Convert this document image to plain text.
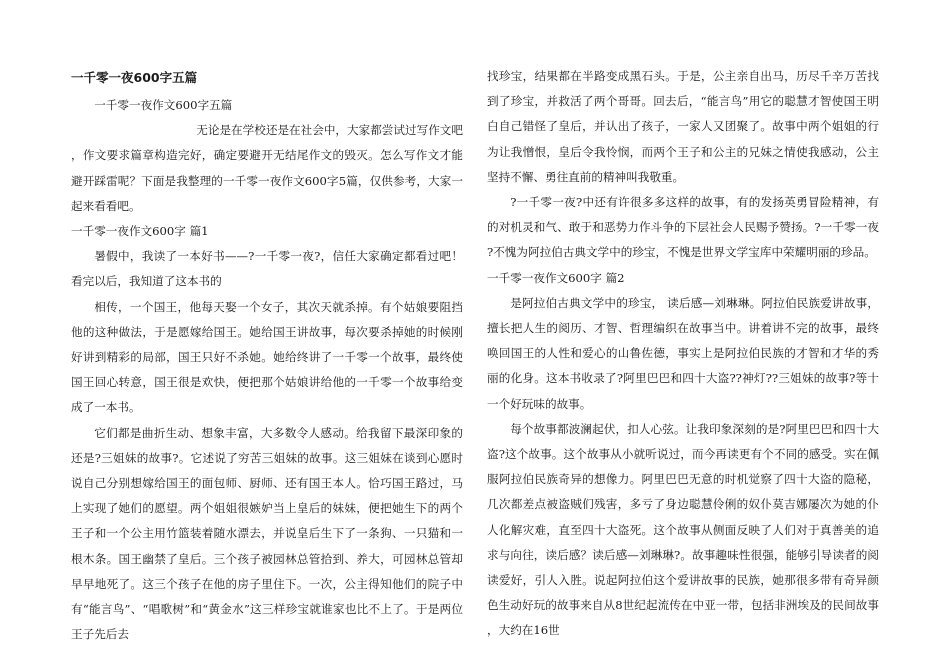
一千零一夜600字五篇

一千零一夜作文600字五篇

无论是在学校还是在社会中，大家都尝试过写作文吧，作文要求篇章构造完好，确定要避开无结尾作文的毁灭。怎么写作文才能避开踩雷呢？下面是我整理的一千零一夜作文600字5篇，仅供参考，大家一起来看看吧。

一千零一夜作文600字 篇1

暑假中，我读了一本好书——?一千零一夜?，信任大家确定都看过吧！看完以后，我知道了这本书的

相传，一个国王，他每天娶一个女子，其次天就杀掉。有个姑娘要阻挡他的这种做法，于是愿嫁给国王。她给国王讲故事，每次要杀掉她的时候刚好讲到精彩的局部，国王只好不杀她。她给终讲了一千零一个故事，最终使国王回心转意，国王很是欢快，便把那个姑娘讲给他的一千零一个故事给变成了一本书。

它们都是曲折生动、想象丰富，大多数令人感动。给我留下最深印象的还是?三姐妹的故事?。它述说了穷苦三姐妹的故事。这三姐妹在谈到心愿时说自己分别想嫁给国王的面包师、厨师、还有国王本人。恰巧国王路过，马上实现了她们的愿望。两个姐姐很嫉妒当上皇后的妹妹，便把她生下的两个王子和一个公主用竹篮装着随水漂去，并说皇后生下了一条狗、一只猫和一根木条。国王幽禁了皇后。三个孩子被园林总管拾到、养大，可园林总管却早早地死了。这三个孩子在他的房子里住下。一次，公主得知他们的院子中有“能言鸟”、“唱歌树”和“黄金水”这三样珍宝就谁家也比不上了。于是两位王子先后去

找珍宝，结果都在半路变成黑石头。于是，公主亲自出马，历尽千辛万苦找到了珍宝，并救活了两个哥哥。回去后，“能言鸟”用它的聪慧才智使国王明白自己错怪了皇后，并认出了孩子，一家人又团聚了。故事中两个姐姐的行为让我憎恨，皇后令我怜悯，而两个王子和公主的兄妹之情使我感动，公主坚持不懈、勇往直前的精神叫我敬重。

?一千零一夜?中还有许很多多这样的故事，有的发扬英勇冒险精神，有的对机灵和气、敢于和恶势力作斗争的下层社会人民赐予赞扬。?一千零一夜?不愧为阿拉伯古典文学中的珍宝，不愧是世界文学宝库中荣耀明丽的珍品。

一千零一夜作文600字 篇2

是阿拉伯古典文学中的珍宝， 读后感—刘琳琳。阿拉伯民族爱讲故事，擅长把人生的阅历、才智、哲理编织在故事当中。讲着讲不完的故事，最终唤回国王的人性和爱心的山鲁佐德，事实上是阿拉伯民族的才智和才华的秀丽的化身。这本书收录了?阿里巴巴和四十大盗??神灯??三姐妹的故事?等十一个好玩味的故事。

每个故事都波澜起伏，扣人心弦。让我印象深刻的是?阿里巴巴和四十大盗?这个故事。这个故事从小就听说过，而今再读更有个不同的感受。实在佩服阿拉伯民族奇异的想像力。阿里巴巴无意的时机觉察了四十大盗的隐秘，几次都差点被盗贼们残害，多亏了身边聪慧伶俐的奴仆莫吉娜屡次为她的仆人化解灾难，直至四十大盗死。这个故事从侧面反映了人们对于真善美的追求与向往，读后感？读后感—刘琳琳?。故事趣味性很强，能够引导读者的阅读爱好，引人入胜。说起阿拉伯这个爱讲故事的民族，她那很多带有奇异颜色生动好玩的故事来自从8世纪起流传在中亚一带，包括非洲埃及的民间故事，大约在16世
